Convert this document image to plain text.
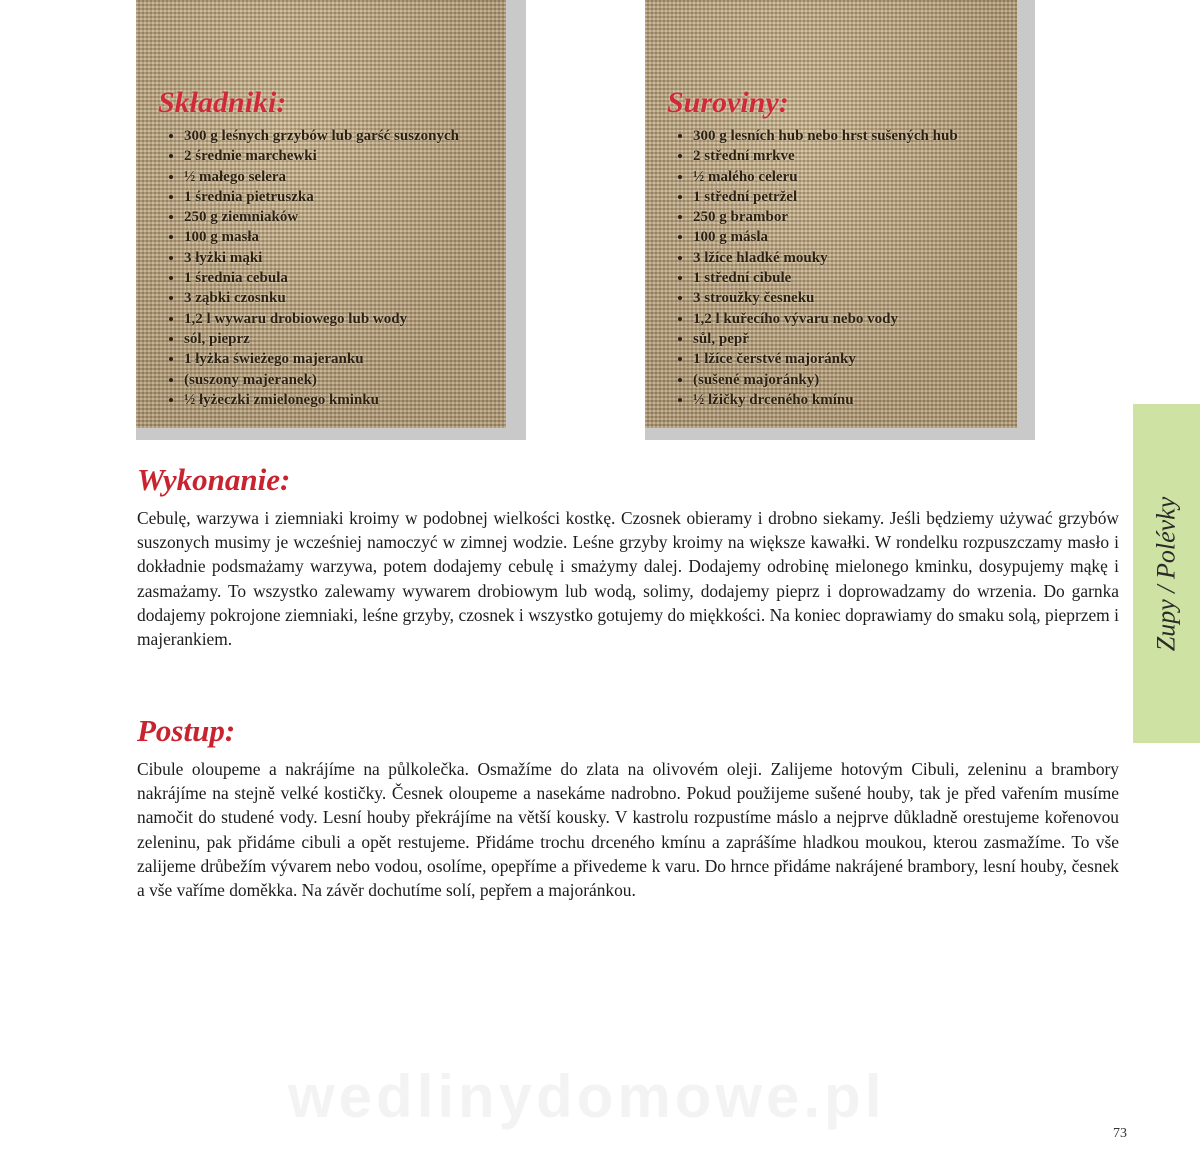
Składniki:
• 300 g leśnych grzybów lub garść suszonych
• 2 średnie marchewki
• ½ małego selera
• 1 średnia pietruszka
• 250 g ziemniaków
• 100 g masła
• 3 łyżki mąki
• 1 średnia cebula
• 3 ząbki czosnku
• 1,2 l wywaru drobiowego lub wody
• sól, pieprz
• 1 łyżka świeżego majeranku
• (suszony majeranek)
• ½ łyżeczki zmielonego kminku
Suroviny:
• 300 g lesních hub nebo hrst sušených hub
• 2 střední mrkve
• ½ malého celeru
• 1 střední petržel
• 250 g brambor
• 100 g másla
• 3 lžíce hladké mouky
• 1 střední cibule
• 3 stroužky česneku
• 1,2 l kuřecího vývaru nebo vody
• sůl, pepř
• 1 lžíce čerstvé majoránky
• (sušené majoránky)
• ½ lžičky drceného kmínu
Wykonanie:

Cebulę, warzywa i ziemniaki kroimy w podobnej wielkości kostkę. Czosnek obieramy i drobno siekamy. Jeśli będziemy używać grzybów suszonych musimy je wcześniej namoczyć w zimnej wodzie. Leśne grzyby kroimy na większe kawałki. W rondelku rozpuszczamy masło i dokładnie podsmażamy warzywa, potem dodajemy cebulę i smażymy dalej. Dodajemy odrobinę mielonego kminku, dosypujemy mąkę i zasmażamy. To wszystko zalewamy wywarem drobiowym lub wodą, solimy, dodajemy pieprz i doprowadzamy do wrzenia. Do garnka dodajemy pokrojone ziemniaki, leśne grzyby, czosnek i wszystko gotujemy do miękkości. Na koniec doprawiamy do smaku solą, pieprzem i majerankiem.

Postup:

Cibule oloupeme a nakrájíme na půlkolečka. Osmažíme do zlata na olivovém oleji. Zalijeme hotovým Cibuli, zeleninu a brambory nakrájíme na stejně velké kostičky. Česnek oloupeme a nasekáme nadrobno. Pokud použijeme sušené houby, tak je před vařením musíme namočit do studené vody. Lesní houby překrájíme na větší kousky. V kastrolu rozpustíme máslo a nejprve důkladně orestujeme kořenovou zeleninu, pak přidáme cibuli a opět restujeme. Přidáme trochu drceného kmínu a zaprášíme hladkou moukou, kterou zasmažíme. To vše zalijeme drůbežím vývarem nebo vodou, osolíme, opepříme a přivedeme k varu. Do hrnce přidáme nakrájené brambory, lesní houby, česnek a vše vaříme doměkka. Na závěr dochutíme solí, pepřem a majoránkou.

Zupy / Polévky

wedlinydomowe.pl

73
